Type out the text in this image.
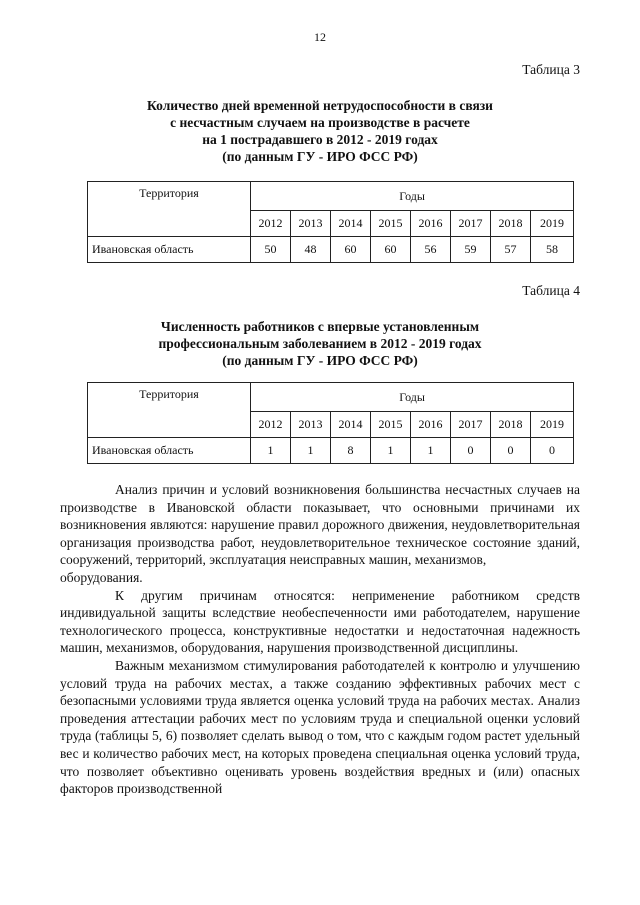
12
Таблица 3
Количество дней временной нетрудоспособности в связи
с несчастным случаем на производстве в расчете
на 1 пострадавшего в 2012 - 2019 годах
(по данным ГУ - ИРО ФСС РФ)
Территория	Годы							
	2012	2013	2014	2015	2016	2017	2018	2019
Ивановская область	50	48	60	60	56	59	57	58
Таблица 4
Численность работников с впервые установленным
профессиональным заболеванием в 2012 - 2019 годах
(по данным ГУ - ИРО ФСС РФ)
Территория	Годы							
	2012	2013	2014	2015	2016	2017	2018	2019
Ивановская область	1	1	8	1	1	0	0	0

Анализ причин и условий возникновения большинства несчастных случаев на производстве в Ивановской области показывает, что основными причинами их возникновения являются: нарушение правил дорожного движения, неудовлетворительная организация производства работ, неудовлетворительное техническое состояние зданий, сооружений, территорий, эксплуатация неисправных машин, механизмов,

оборудования.

К другим причинам относятся: неприменение работником средств индивидуальной защиты вследствие необеспеченности ими работодателем, нарушение технологического процесса, конструктивные недостатки и недостаточная надежность машин, механизмов, оборудования, нарушения производственной дисциплины.

Важным механизмом стимулирования работодателей к контролю и улучшению условий труда на рабочих местах, а также созданию эффективных рабочих мест с безопасными условиями труда является оценка условий труда на рабочих местах. Анализ проведения аттестации рабочих мест по условиям труда и специальной оценки условий труда (таблицы 5, 6) позволяет сделать вывод о том, что с каждым годом растет удельный вес и количество рабочих мест, на которых проведена специальная оценка условий труда, что позволяет объективно оценивать уровень воздействия вредных и (или) опасных факторов производственной
